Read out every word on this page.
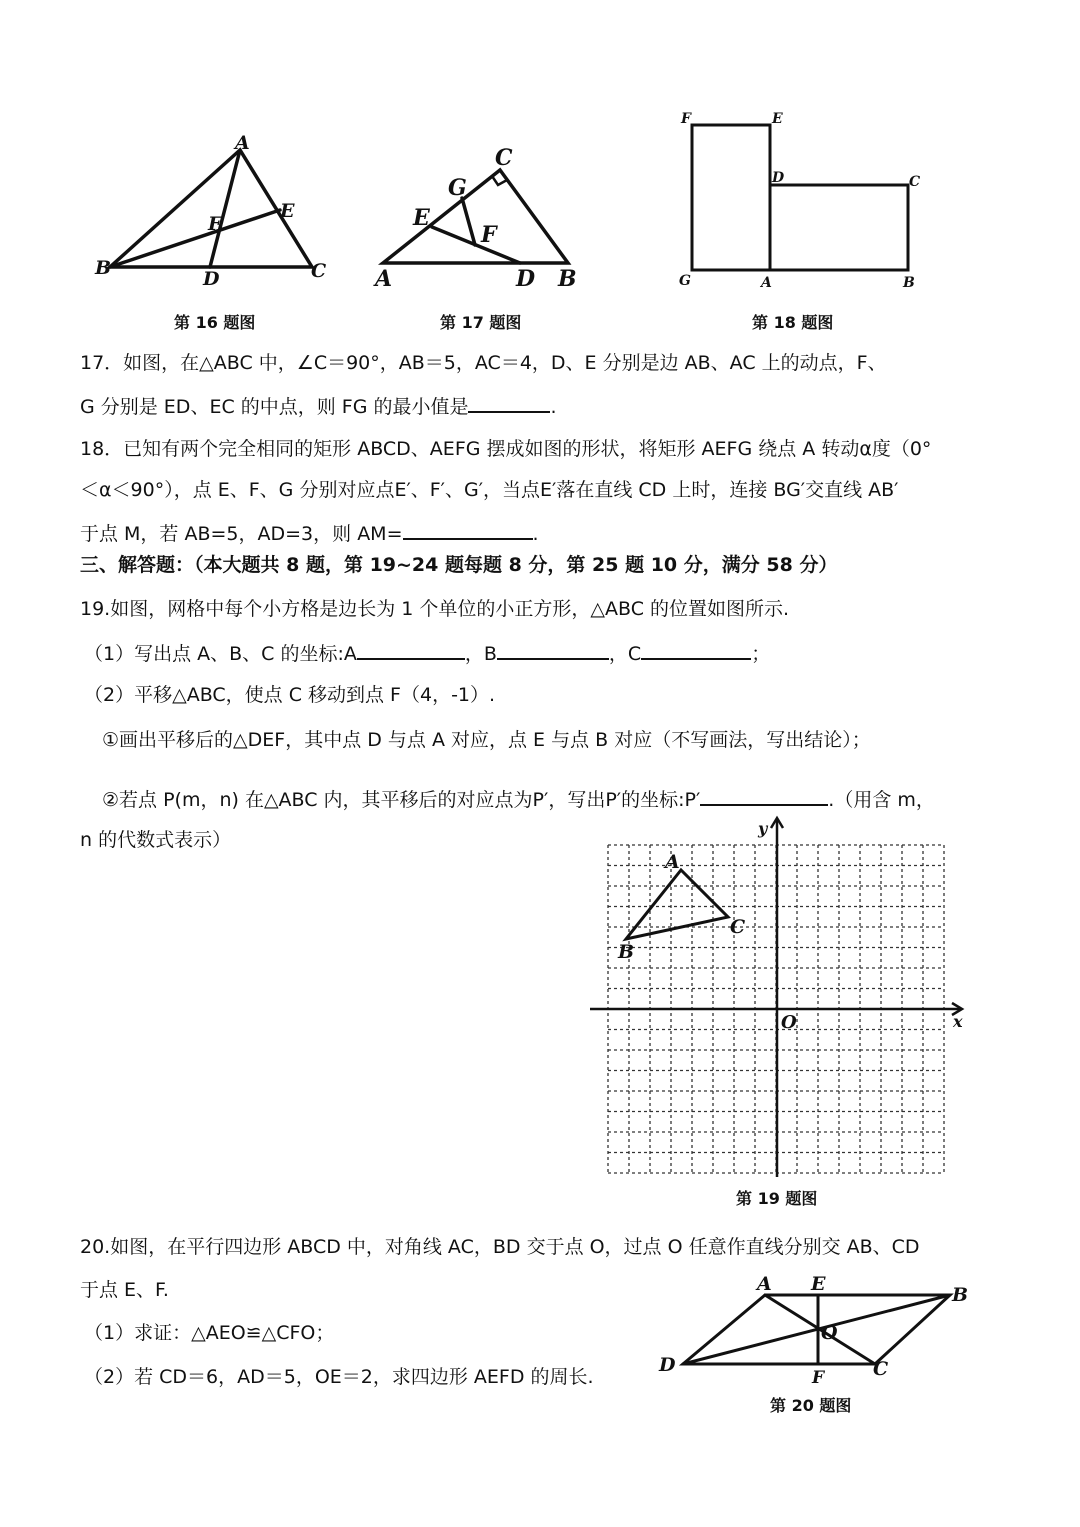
A
B	C
D
E
F
第 16 题图
A	B
C
D
E
F
G
第 17 题图
F	E
D	C
G	A	B
第 18 题图
17．如图，在△ABC 中，∠C＝90°，AB＝5，AC＝4，D、E 分别是边 AB、AC 上的动点，F、
G 分别是 ED、EC 的中点，则 FG 的最小值是	.
18．已知有两个完全相同的矩形 ABCD、AEFG 摆成如图的形状，将矩形 AEFG 绕点 A 转动α度（0°
＜α＜90°），点 E、F、G 分别对应点E′、F′、G′，当点E′落在直线 CD 上时，连接 BG′交直线 AB′
于点 M，若 AB=5，AD=3，则 AM=	.
三、解答题：（本大题共 8 题，第 19~24 题每题 8 分，第 25 题 10 分，满分 58 分）
19.如图，网格中每个小方格是边长为 1 个单位的小正方形，△ABC 的位置如图所示.
（1）写出点 A、B、C 的坐标:A	，B	，C	；
（2）平移△ABC，使点 C 移动到点 F（4，-1）.
①画出平移后的△DEF，其中点 D 与点 A 对应，点 E 与点 B 对应（不写画法，写出结论）；
②若点 P(m，n) 在△ABC 内，其平移后的对应点为P′，写出P′的坐标:P′	.（用含 m，
n 的代数式表示）
A
B
C
O	x
y
第 19 题图
20.如图，在平行四边形 ABCD 中，对角线 AC，BD 交于点 O，过点 O 任意作直线分别交 AB、CD
于点 E、F.
（1）求证：△AEO≌△CFO；
（2）若 CD＝6，AD＝5，OE＝2，求四边形 AEFD 的周长.
A	B
C
D
E
F
O
第 20 题图
